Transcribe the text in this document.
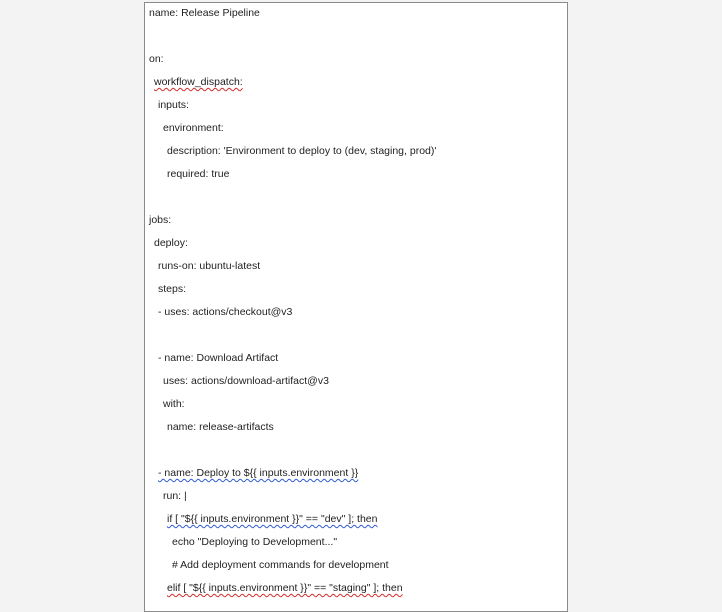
name: Release Pipeline
on:
workflow_dispatch:
inputs:
environment:
description: 'Environment to deploy to (dev, staging, prod)'
required: true
jobs:
deploy:
runs-on: ubuntu-latest
steps:
- uses: actions/checkout@v3
- name: Download Artifact
uses: actions/download-artifact@v3
with:
name: release-artifacts
- name: Deploy to ${{ inputs.environment }}
run: |
if [ "${{ inputs.environment }}" == "dev" ]; then
echo "Deploying to Development..."
# Add deployment commands for development
elif [ "${{ inputs.environment }}" == "staging" ]; then
